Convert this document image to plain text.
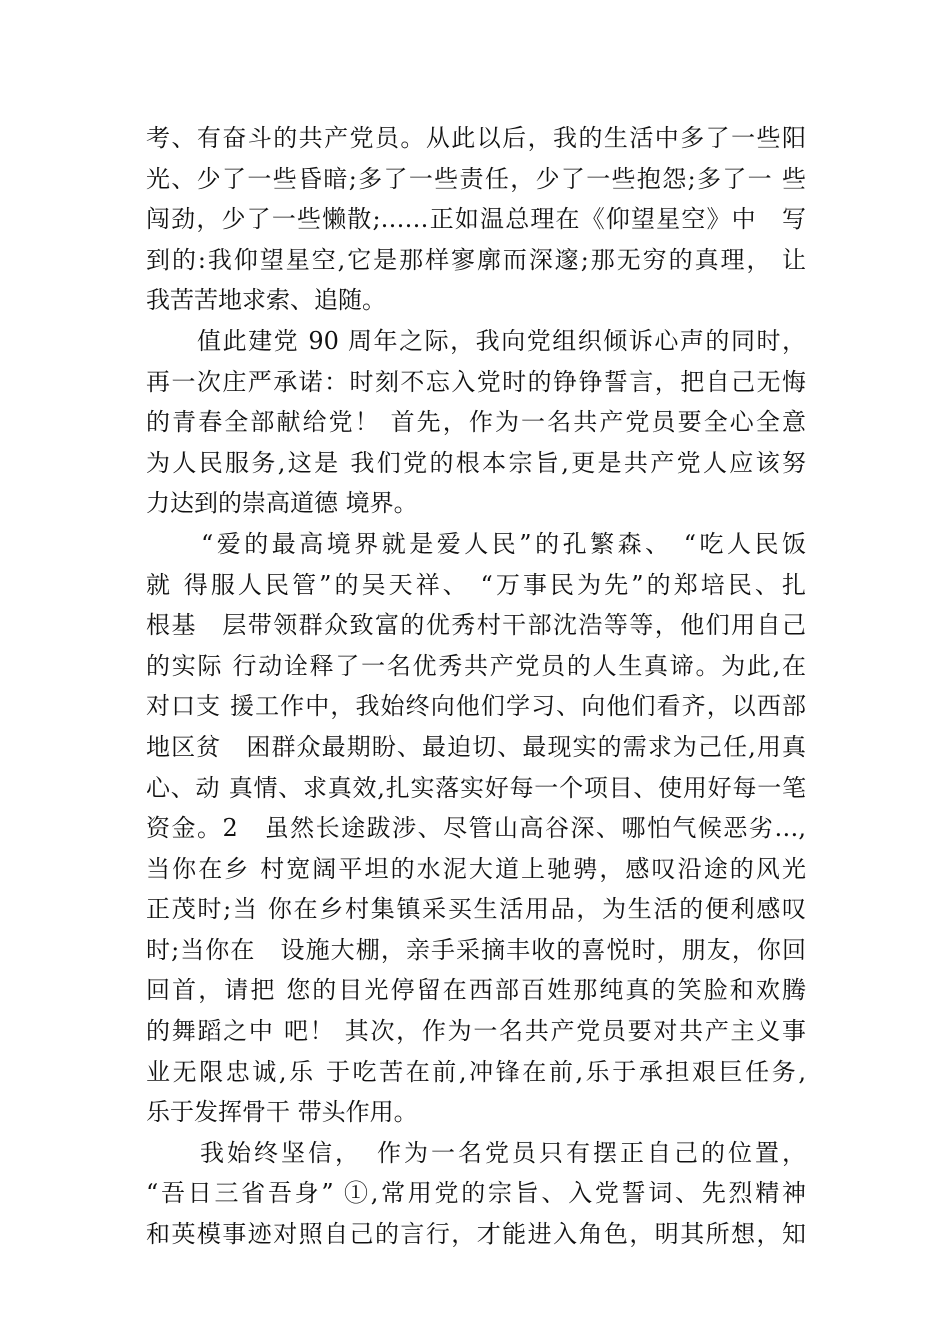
考、有奋斗的共产党员。从此以后，我的生活中多了一些阳
光、少了一些昏暗;多了一些责任，少了一些抱怨;多了一 些
闯劲，少了一些懒散;……正如温总理在《仰望星空》中　写
到的:我仰望星空,它是那样寥廓而深邃;那无穷的真理， 让
我苦苦地求索、追随。
　　值此建党 90 周年之际，我向党组织倾诉心声的同时，
再一次庄严承诺：时刻不忘入党时的铮铮誓言，把自己无悔
的青春全部献给党！ 首先，作为一名共产党员要全心全意
为人民服务,这是 我们党的根本宗旨,更是共产党人应该努
力达到的崇高道德 境界。
　　“爱的最高境界就是爱人民”的孔繁森、 “吃人民饭
就 得服人民管”的吴天祥、 “万事民为先”的郑培民、扎
根基　层带领群众致富的优秀村干部沈浩等等，他们用自己
的实际 行动诠释了一名优秀共产党员的人生真谛。为此,在
对口支 援工作中，我始终向他们学习、向他们看齐，以西部
地区贫　困群众最期盼、最迫切、最现实的需求为己任,用真
心、动 真情、求真效,扎实落实好每一个项目、使用好每一笔
资金。2　虽然长途跋涉、尽管山高谷深、哪怕气候恶劣…,
当你在乡 村宽阔平坦的水泥大道上驰骋，感叹沿途的风光
正茂时;当 你在乡村集镇采买生活用品，为生活的便利感叹
时;当你在　设施大棚，亲手采摘丰收的喜悦时，朋友，你回
回首，请把 您的目光停留在西部百姓那纯真的笑脸和欢腾
的舞蹈之中 吧！ 其次，作为一名共产党员要对共产主义事
业无限忠诚,乐 于吃苦在前,冲锋在前,乐于承担艰巨任务,
乐于发挥骨干 带头作用。
　　我始终坚信，　作为一名党员只有摆正自己的位置，
“吾日三省吾身” ①,常用党的宗旨、入党誓词、先烈精神
和英模事迹对照自己的言行，才能进入角色，明其所想，知
